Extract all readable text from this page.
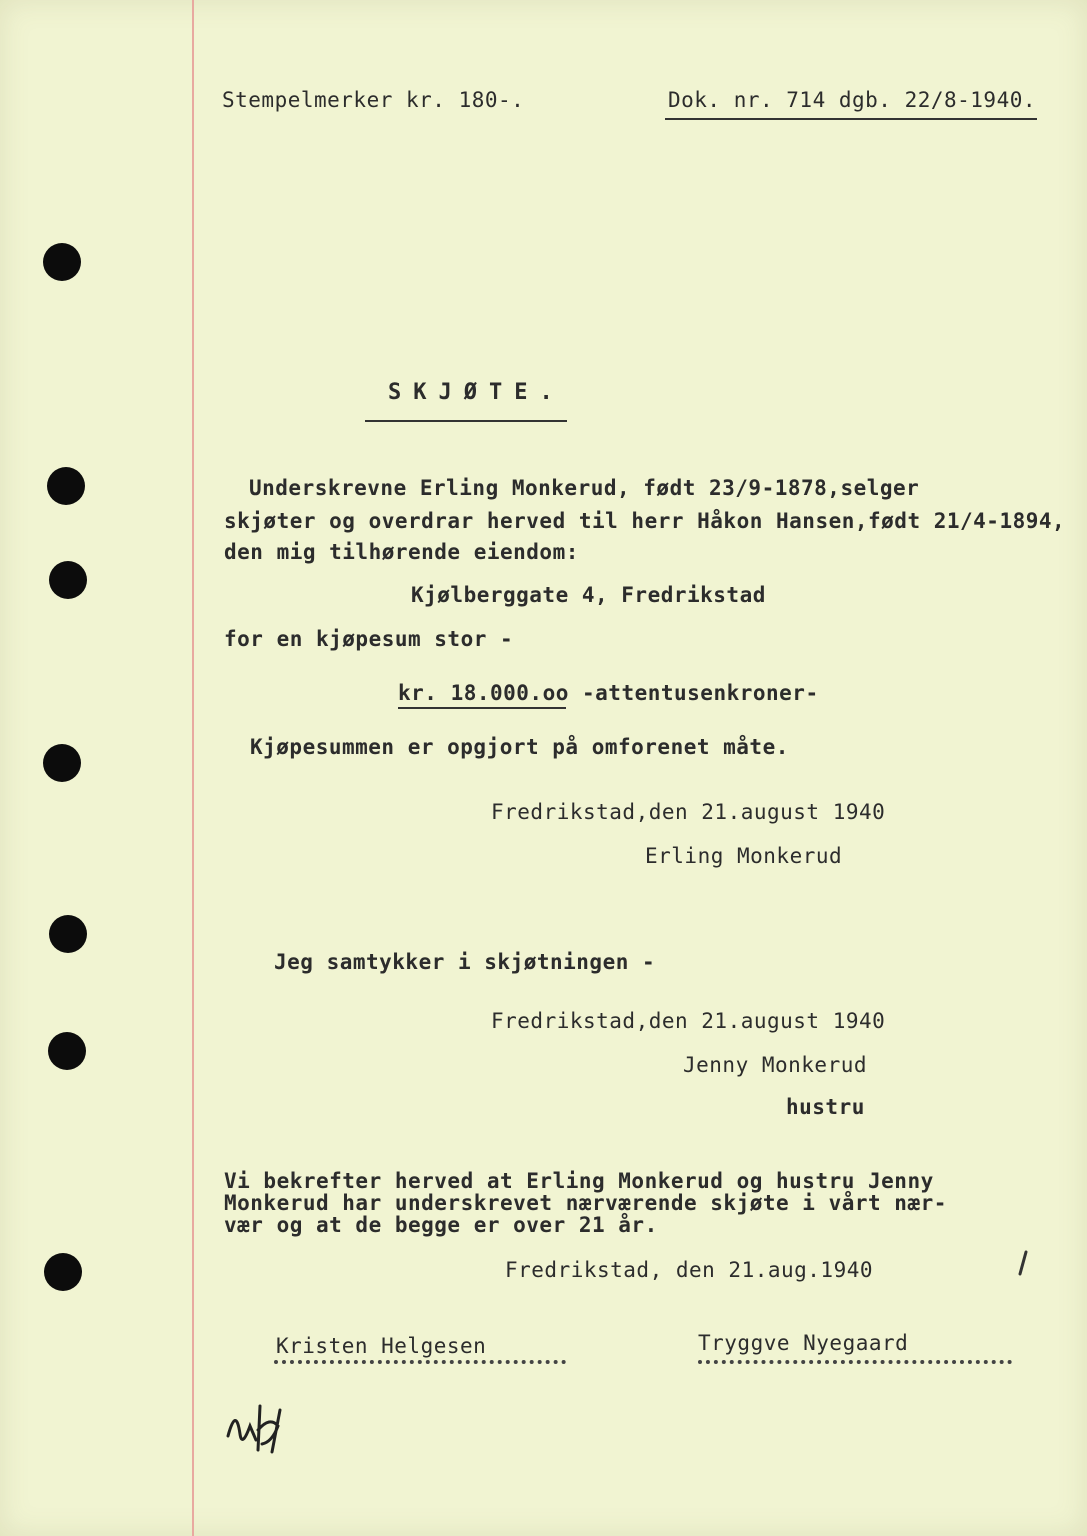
Stempelmerker kr. 180-.	Dok. nr. 714 dgb. 22/8-1940.
SKJØTE.
Underskrevne Erling Monkerud, født 23/9-1878,selger
skjøter og overdrar herved til herr Håkon Hansen,født 21/4-1894,
den mig tilhørende eiendom:
Kjølberggate 4, Fredrikstad
for en kjøpesum stor -
kr. 18.000.oo -attentusenkroner-
Kjøpesummen er opgjort på omforenet måte.
Fredrikstad,den 21.august 1940
Erling Monkerud
Jeg samtykker i skjøtningen -
Fredrikstad,den 21.august 1940
Jenny Monkerud
hustru
Vi bekrefter herved at Erling Monkerud og hustru Jenny
Monkerud har underskrevet nærværende skjøte i vårt nær-
vær og at de begge er over 21 år.
Fredrikstad, den 21.aug.1940
Kristen Helgesen	Tryggve Nyegaard
